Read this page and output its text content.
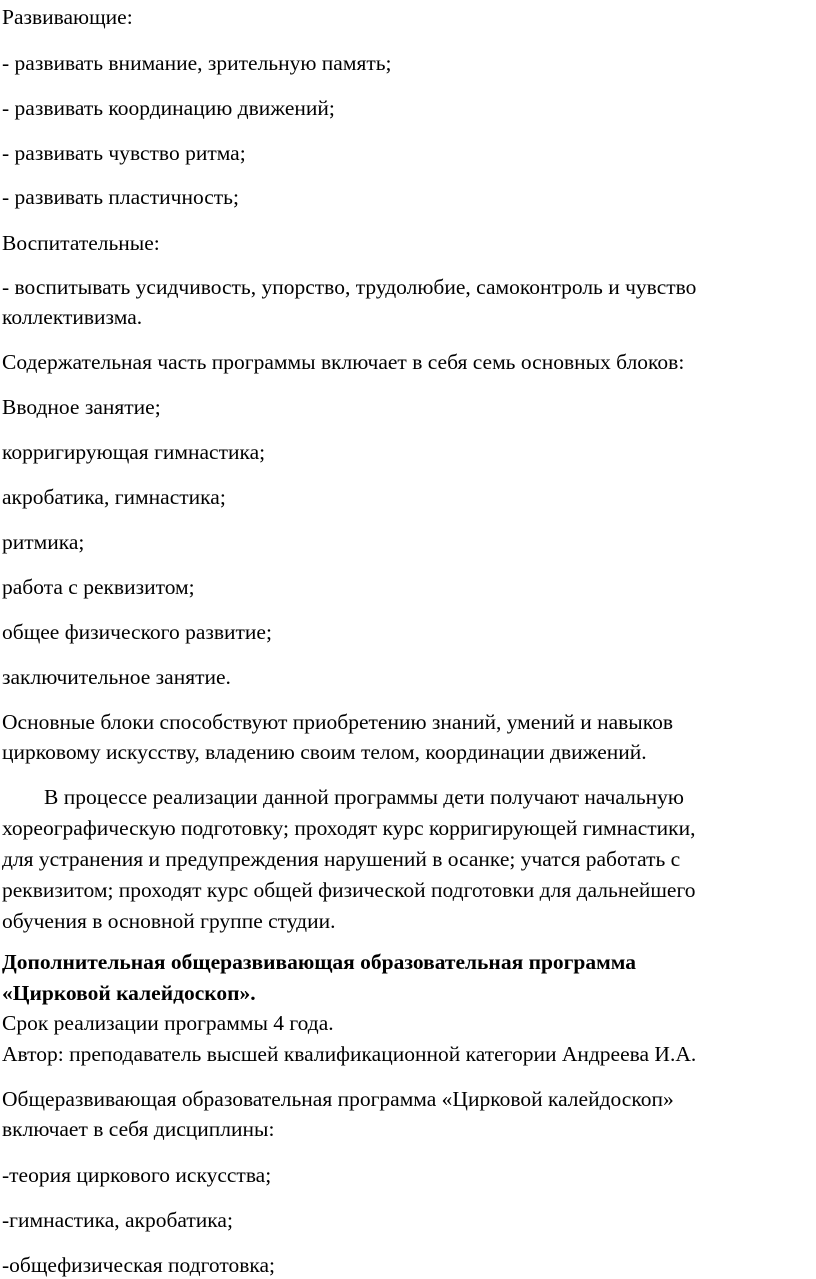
Развивающие:
- развивать внимание, зрительную память;
- развивать координацию движений;
- развивать чувство ритма;
- развивать пластичность;
Воспитательные:
- воспитывать усидчивость, упорство, трудолюбие, самоконтроль и чувство
коллективизма.
Содержательная часть программы включает в себя семь основных блоков:
Вводное занятие;
корригирующая гимнастика;
акробатика, гимнастика;
ритмика;
работа с реквизитом;
общее физического развитие;
заключительное занятие.
Основные блоки способствуют приобретению знаний, умений и навыков
цирковому искусству, владению своим телом, координации движений.
В процессе реализации данной программы дети получают начальную
хореографическую подготовку; проходят курс корригирующей гимнастики,
для устранения и предупреждения нарушений в осанке; учатся работать с
реквизитом; проходят курс общей физической подготовки для дальнейшего
обучения в основной группе студии.
Дополнительная общеразвивающая образовательная программа
«Цирковой калейдоскоп».
Срок реализации программы 4 года.
Автор: преподаватель высшей квалификационной категории Андреева И.А.
Общеразвивающая образовательная программа «Цирковой калейдоскоп»
включает в себя дисциплины:
-теория циркового искусства;
-гимнастика, акробатика;
-общефизическая подготовка;
